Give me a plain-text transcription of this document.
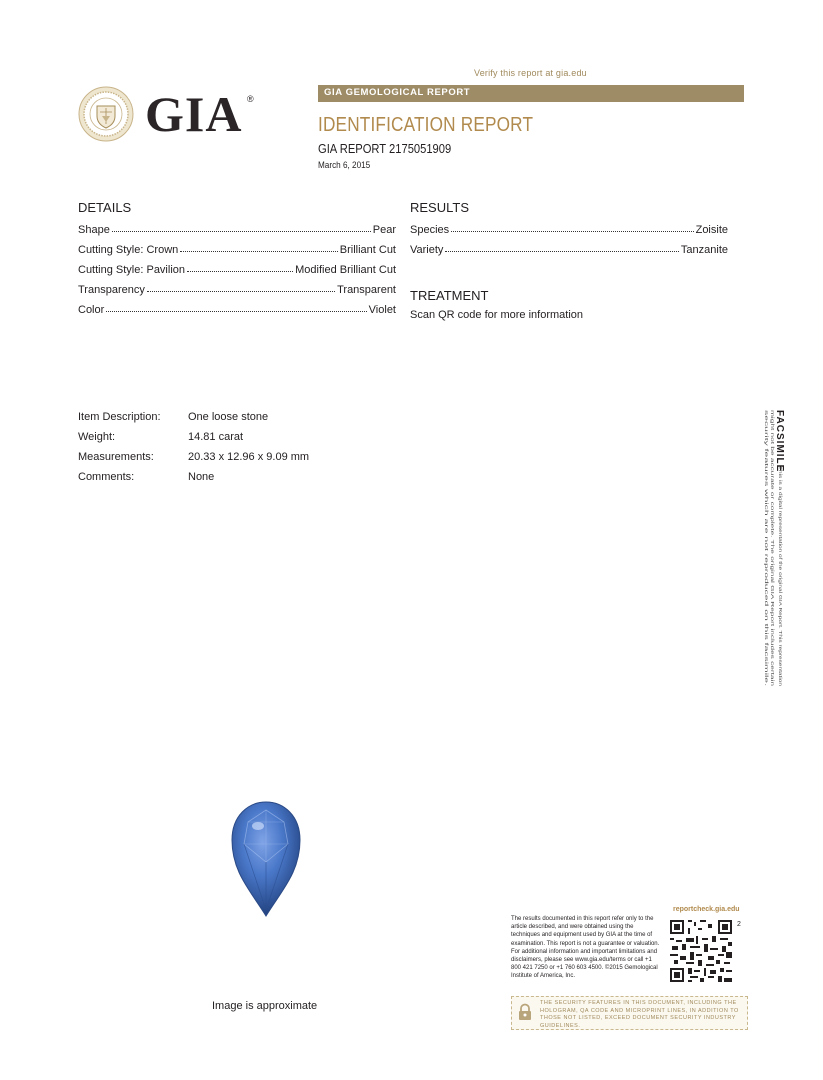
Verify this report at gia.edu
GIA ®
GIA GEMOLOGICAL REPORT
IDENTIFICATION REPORT
GIA REPORT 2175051909
March 6, 2015
DETAILS
Shape	Pear
Cutting Style: Crown	Brilliant Cut
Cutting Style: Pavilion	Modified Brilliant Cut
Transparency	Transparent
Color	Violet
RESULTS
Species	Zoisite
Variety	Tanzanite
TREATMENT
Scan QR code for more information
Item Description: One loose stone
Weight:	14.81 carat
Measurements:	20.33 x 12.96 x 9.09 mm
Comments:	None
FACSIMILE
This is a digital representation of the original GIA Report. This representation
might not be accurate or complete. The original GIA Report includes certain
security features which are not reproduced on this facsimile.
Image is approximate
The results documented in this report refer only to the article described, and were obtained using the techniques and equipment used by GIA at the time of examination. This report is not a guarantee or valuation. For additional information and important limitations and disclaimers, please see www.gia.edu/terms or call +1 800 421 7250 or +1 760 603 4500. ©2015 Gemological Institute of America, Inc.
reportcheck.gia.edu
2
THE SECURITY FEATURES IN THIS DOCUMENT, INCLUDING THE HOLOGRAM, QA CODE AND MICROPRINT LINES, IN ADDITION TO THOSE NOT LISTED, EXCEED DOCUMENT SECURITY INDUSTRY GUIDELINES.
